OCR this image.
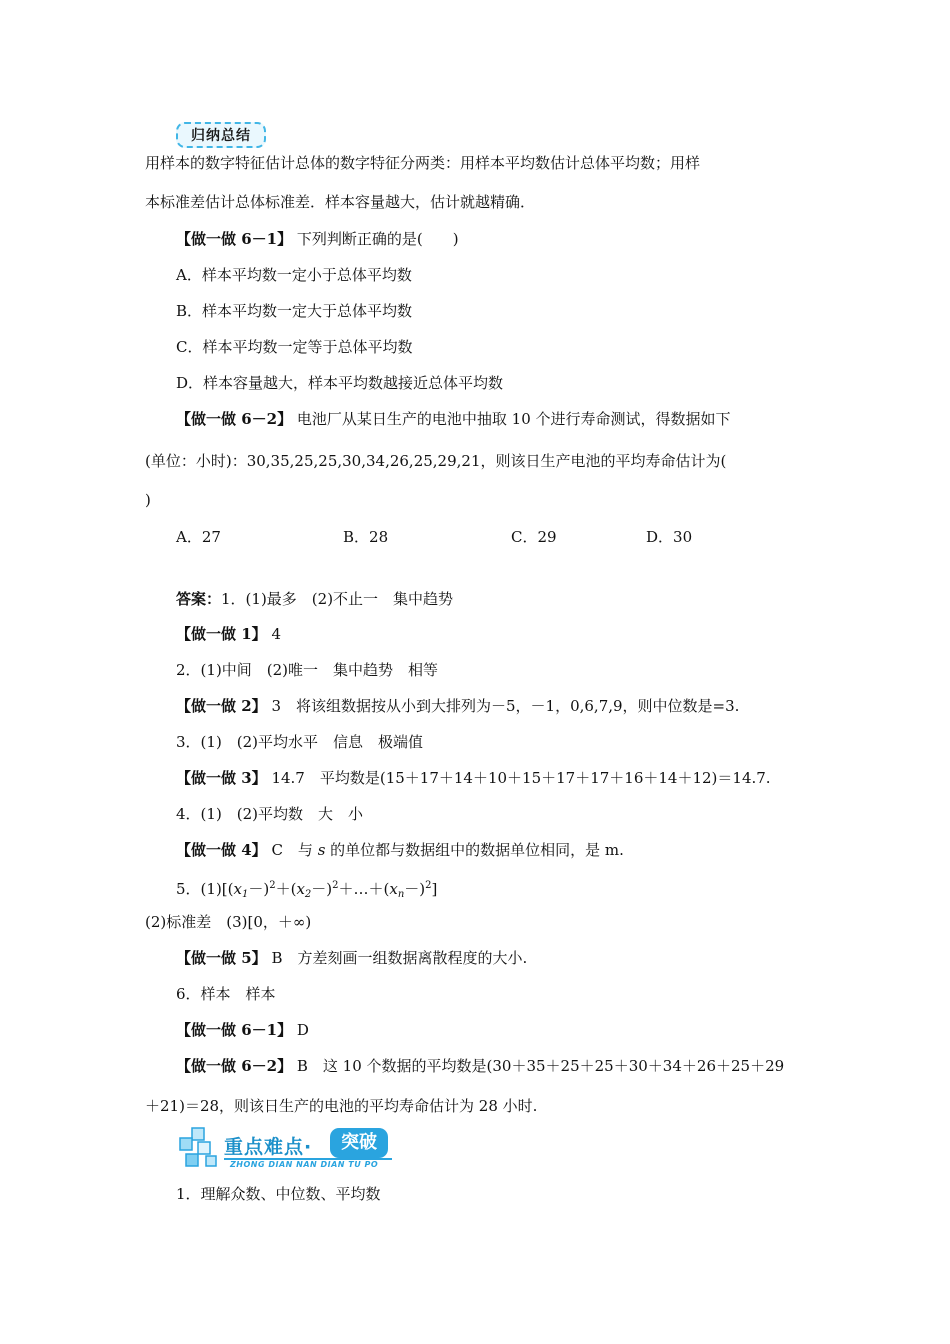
归纳总结
用样本的数字特征估计总体的数字特征分两类：用样本平均数估计总体平均数；用样
本标准差估计总体标准差．样本容量越大，估计就越精确．
【做一做 6－1】 下列判断正确的是(　　)
A．样本平均数一定小于总体平均数
B．样本平均数一定大于总体平均数
C．样本平均数一定等于总体平均数
D．样本容量越大，样本平均数越接近总体平均数
【做一做 6－2】 电池厂从某日生产的电池中抽取 10 个进行寿命测试，得数据如下
(单位：小时)：30,35,25,25,30,34,26,25,29,21，则该日生产电池的平均寿命估计为(
)
A．27	B．28	C．29	D．30
答案：1．(1)最多　(2)不止一　集中趋势
【做一做 1】 4
2．(1)中间　(2)唯一　集中趋势　相等
【做一做 2】 3　将该组数据按从小到大排列为－5，－1，0,6,7,9，则中位数是=3.
3．(1)　(2)平均水平　信息　极端值
【做一做 3】 14.7　平均数是(15＋17＋14＋10＋15＋17＋17＋16＋14＋12)＝14.7.
4．(1)　(2)平均数　大　小
【做一做 4】 C　与 s 的单位都与数据组中的数据单位相同，是 m.
5．$(1)[(x_1-)^2+(x_2-)^2+\dots+(x_n-)^2]$
(2)标准差　(3)[0，＋∞)
【做一做 5】 B　方差刻画一组数据离散程度的大小.
6．样本　样本
【做一做 6－1】 D
【做一做 6－2】 B　这 10 个数据的平均数是(30＋35＋25＋25＋30＋34＋26＋25＋29
＋21)＝28，则该日生产的电池的平均寿命估计为 28 小时.
重点难点·	突破
ZHONG DIAN NAN DIAN TU PO
1．理解众数、中位数、平均数
